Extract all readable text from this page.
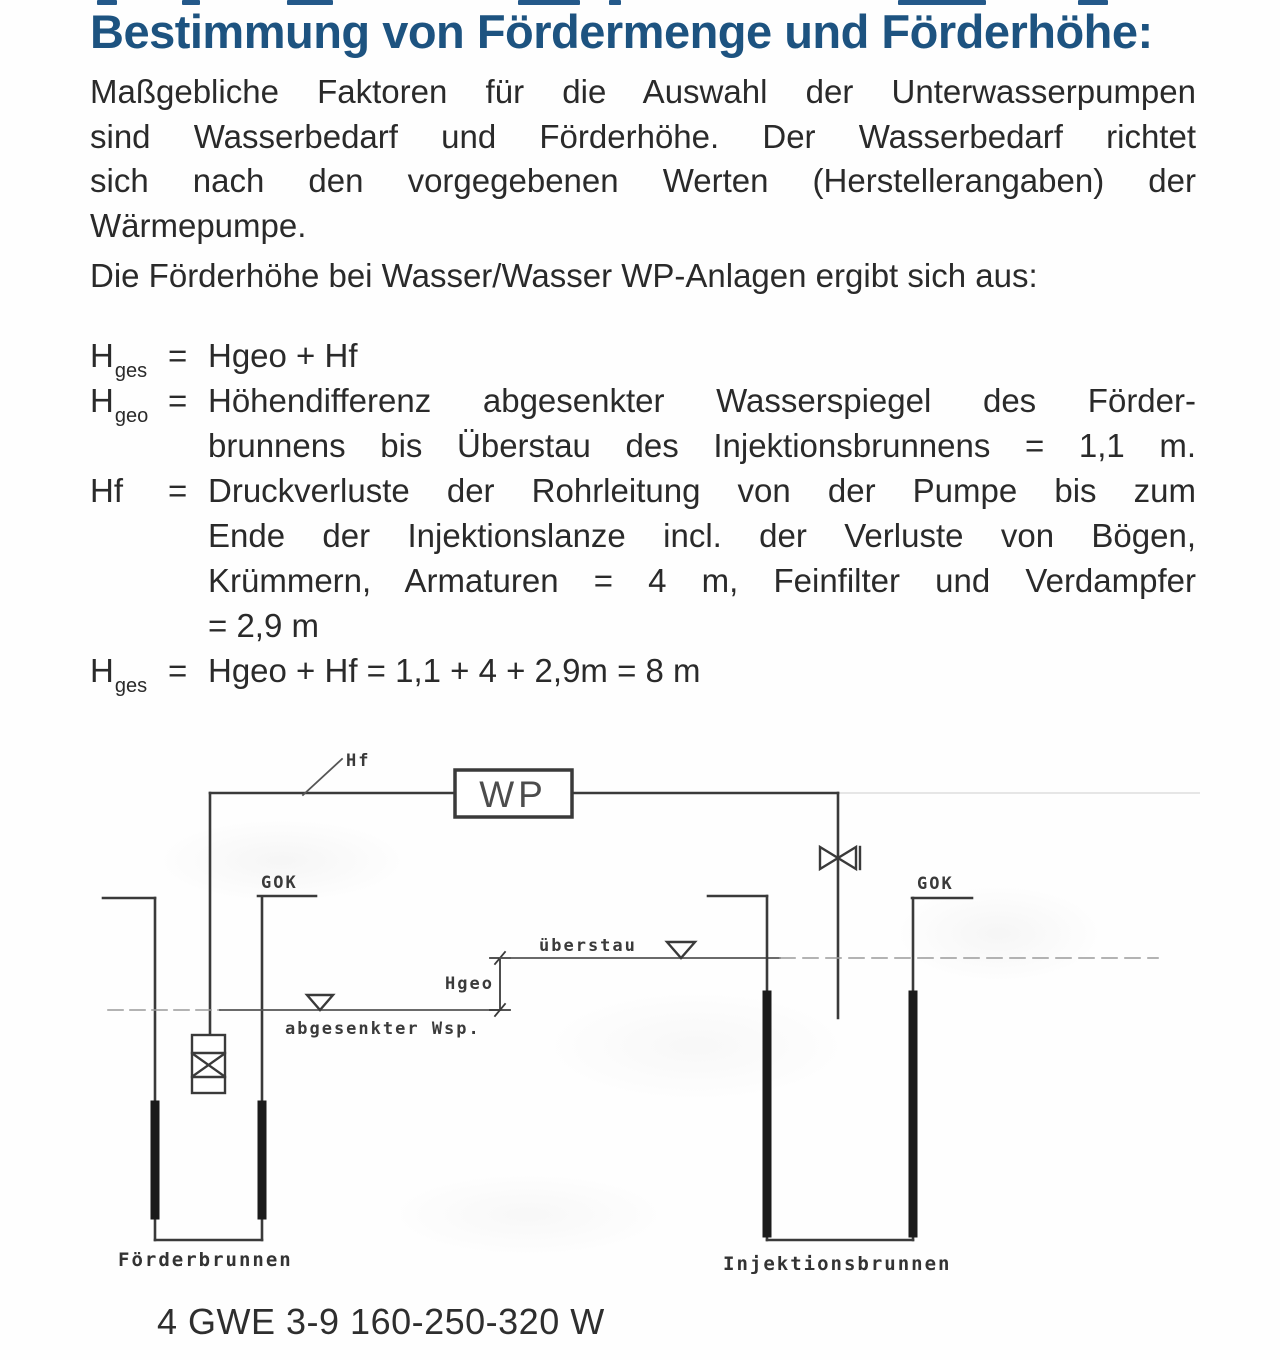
Bestimmung von Fördermenge und Förderhöhe:
Maßgebliche Faktoren für die Auswahl der Unterwasserpumpen
sind Wasserbedarf und Förderhöhe. Der Wasserbedarf richtet
sich nach den vorgegebenen Werten (Herstellerangaben) der
Wärmepumpe.
Die Förderhöhe bei Wasser/Wasser WP-Anlagen ergibt sich aus:
$H_{ges}$ = Hgeo + Hf
$H_{geo}$ = Höhendifferenz abgesenkter Wasserspiegel des Förder-
brunnens bis Überstau des Injektionsbrunnens = 1,1 m.
Hf	= Druckverluste der Rohrleitung von der Pumpe bis zum
Ende der Injektionslanze incl. der Verluste von Bögen,
Krümmern, Armaturen = 4 m, Feinfilter und Verdampfer
= 2,9 m
$H_{ges}$ = Hgeo + Hf = 1,1 + 4 + 2,9m = 8 m
Hf
WP
GOK	GOK
überstau
Hgeo
abgesenkter Wsp.
Förderbrunnen	Injektionsbrunnen
4 GWE 3-9 160-250-320 W
